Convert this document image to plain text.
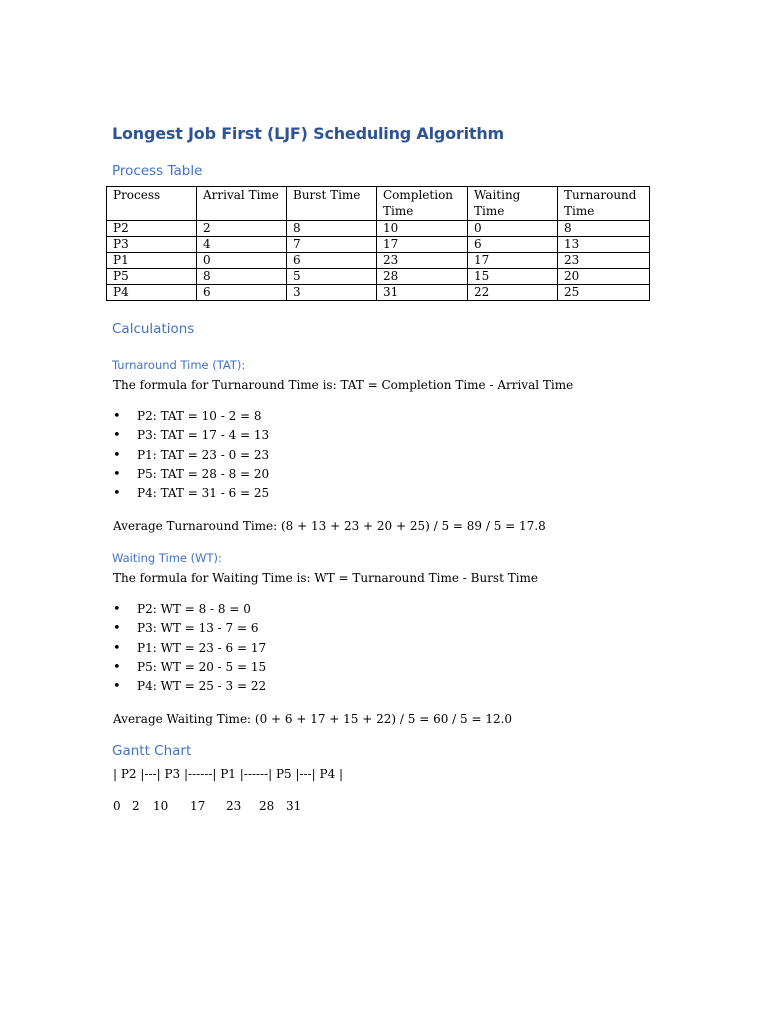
Longest Job First (LJF) Scheduling Algorithm
Process Table
Process	Arrival Time	Burst Time	Completion Time	Waiting Time	Turnaround Time
P2	2	8	10	0	8
P3	4	7	17	6	13
P1	0	6	23	17	23
P5	8	5	28	15	20
P4	6	3	31	22	25
Calculations
Turnaround Time (TAT):

The formula for Turnaround Time is: TAT = Completion Time - Arrival Time

• P2: TAT = 10 - 2 = 8
• P3: TAT = 17 - 4 = 13
• P1: TAT = 23 - 0 = 23
• P5: TAT = 28 - 8 = 20
• P4: TAT = 31 - 6 = 25

Average Turnaround Time: (8 + 13 + 23 + 20 + 25) / 5 = 89 / 5 = 17.8

Waiting Time (WT):

The formula for Waiting Time is: WT = Turnaround Time - Burst Time

• P2: WT = 8 - 8 = 0
• P3: WT = 13 - 7 = 6
• P1: WT = 23 - 6 = 17
• P5: WT = 20 - 5 = 15
• P4: WT = 25 - 3 = 22

Average Waiting Time: (0 + 6 + 17 + 15 + 22) / 5 = 60 / 5 = 12.0

Gantt Chart

| P2 |---| P3 |------| P1 |------| P5 |---| P4 |

0 2 10 17 23 28 31
